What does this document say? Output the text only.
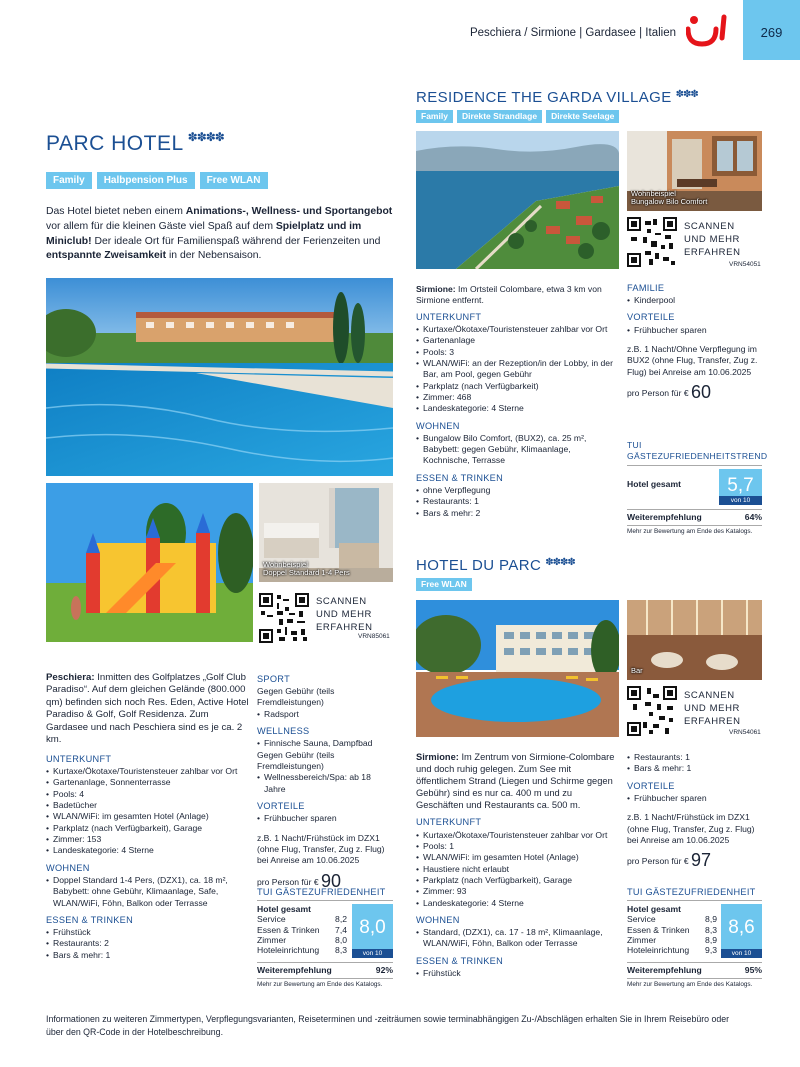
Peschiera / Sirmione | Gardasee | Italien	269
PARC HOTEL ✽✽✽✽
Family	Halbpension Plus	Free WLAN
Das Hotel bietet neben einem Animations-, Wellness- und Sportangebot vor allem für die kleinen Gäste viel Spaß auf dem Spielplatz und im Miniclub! Der ideale Ort für Familienspaß während der Ferienzeiten und entspannte Zweisamkeit in der Nebensaison.
Wohnbeispiel
Doppel Standard 1-4 Pers
SCANNEN
UND MEHR
ERFAHREN
VRN85061

Peschiera: Inmitten des Golfplatzes „Golf Club Paradiso“. Auf dem gleichen Gelände (800.000 qm) befinden sich noch Res. Eden, Active Hotel Paradiso & Golf, Golf Residenza. Zum Gardasee und nach Peschiera sind es je ca. 2 km.

UNTERKUNFT
• Kurtaxe/Ökotaxe/Touristensteuer zahlbar vor Ort
• Gartenanlage, Sonnenterrasse
• Pools: 4
• Badetücher
• WLAN/WiFi: im gesamten Hotel (Anlage)
• Parkplatz (nach Verfügbarkeit), Garage
• Zimmer: 153
• Landeskategorie: 4 Sterne
WOHNEN
• Doppel Standard 1-4 Pers, (DZX1), ca. 18 m², Babybett: ohne Gebühr, Klimaanlage, Safe, WLAN/WiFi, Föhn, Balkon oder Terrasse
ESSEN & TRINKEN
• Frühstück
• Restaurants: 2
• Bars & mehr: 1
SPORT
Gegen Gebühr (teils Fremdleistungen)
• Radsport
WELLNESS
• Finnische Sauna, Dampfbad
Gegen Gebühr (teils Fremdleistungen)
• Wellnessbereich/Spa: ab 18 Jahre
VORTEILE
• Frühbucher sparen
z.B. 1 Nacht/Frühstück im DZX1 (ohne Flug, Transfer, Zug z. Flug) bei Anreise am 10.06.2025
pro Person für € 90
TUI GÄSTEZUFRIEDENHEIT
Hotel gesamt
Service	8,2
Essen & Trinken 7,4
Zimmer	8,0
Hoteleinrichtung 8,3
8,0
von 10
Weiterempfehlung	92%
Mehr zur Bewertung am Ende des Katalogs.
RESIDENCE THE GARDA VILLAGE ✽✽✽
Family	Direkte Strandlage	Direkte Seelage
Wohnbeispiel
Bungalow Bilo Comfort
SCANNEN
UND MEHR
ERFAHREN
VRN54051

Sirmione: Im Ortsteil Colombare, etwa 3 km von Sirmione entfernt.

UNTERKUNFT
• Kurtaxe/Ökotaxe/Touristensteuer zahlbar vor Ort
• Gartenanlage
• Pools: 3
• WLAN/WiFi: an der Rezeption/in der Lobby, in der Bar, am Pool, gegen Gebühr
• Parkplatz (nach Verfügbarkeit)
• Zimmer: 468
• Landeskategorie: 4 Sterne
WOHNEN
• Bungalow Bilo Comfort, (BUX2), ca. 25 m², Babybett: gegen Gebühr, Klimaanlage, Kochnische, Terrasse
ESSEN & TRINKEN
• ohne Verpflegung
• Restaurants: 1
• Bars & mehr: 2
FAMILIE
• Kinderpool
VORTEILE
• Frühbucher sparen
z.B. 1 Nacht/Ohne Verpflegung im BUX2 (ohne Flug, Transfer, Zug z. Flug) bei Anreise am 10.06.2025
pro Person für € 60
TUI GÄSTEZUFRIEDENHEITSTREND
Hotel gesamt	5,7
von 10
Weiterempfehlung	64%
Mehr zur Bewertung am Ende des Katalogs.
HOTEL DU PARC ✽✽✽✽
Free WLAN
Bar
SCANNEN
UND MEHR
ERFAHREN
VRN54061

Sirmione: Im Zentrum von Sirmione-Colombare und doch ruhig gelegen. Zum See mit öffentlichem Strand (Liegen und Schirme gegen Gebühr) sind es nur ca. 400 m und zu Geschäften und Restaurants ca. 500 m.

UNTERKUNFT
• Kurtaxe/Ökotaxe/Touristensteuer zahlbar vor Ort
• Pools: 1
• WLAN/WiFi: im gesamten Hotel (Anlage)
• Haustiere nicht erlaubt
• Parkplatz (nach Verfügbarkeit), Garage
• Zimmer: 93
• Landeskategorie: 4 Sterne
WOHNEN
• Standard, (DZX1), ca. 17 - 18 m², Klimaanlage, WLAN/WiFi, Föhn, Balkon oder Terrasse
ESSEN & TRINKEN
• Frühstück
• Restaurants: 1
• Bars & mehr: 1
VORTEILE
• Frühbucher sparen
z.B. 1 Nacht/Frühstück im DZX1 (ohne Flug, Transfer, Zug z. Flug) bei Anreise am 10.06.2025
pro Person für € 97
TUI GÄSTEZUFRIEDENHEIT
Hotel gesamt
Service	8,9
Essen & Trinken 8,3
Zimmer	8,9
Hoteleinrichtung 9,3
8,6
von 10
Weiterempfehlung	95%
Mehr zur Bewertung am Ende des Katalogs.
Informationen zu weiteren Zimmertypen, Verpflegungsvarianten, Reiseterminen und -zeiträumen sowie terminabhängigen Zu-/Abschlägen erhalten Sie in Ihrem Reisebüro oder über den QR-Code in der Hotelbeschreibung.
